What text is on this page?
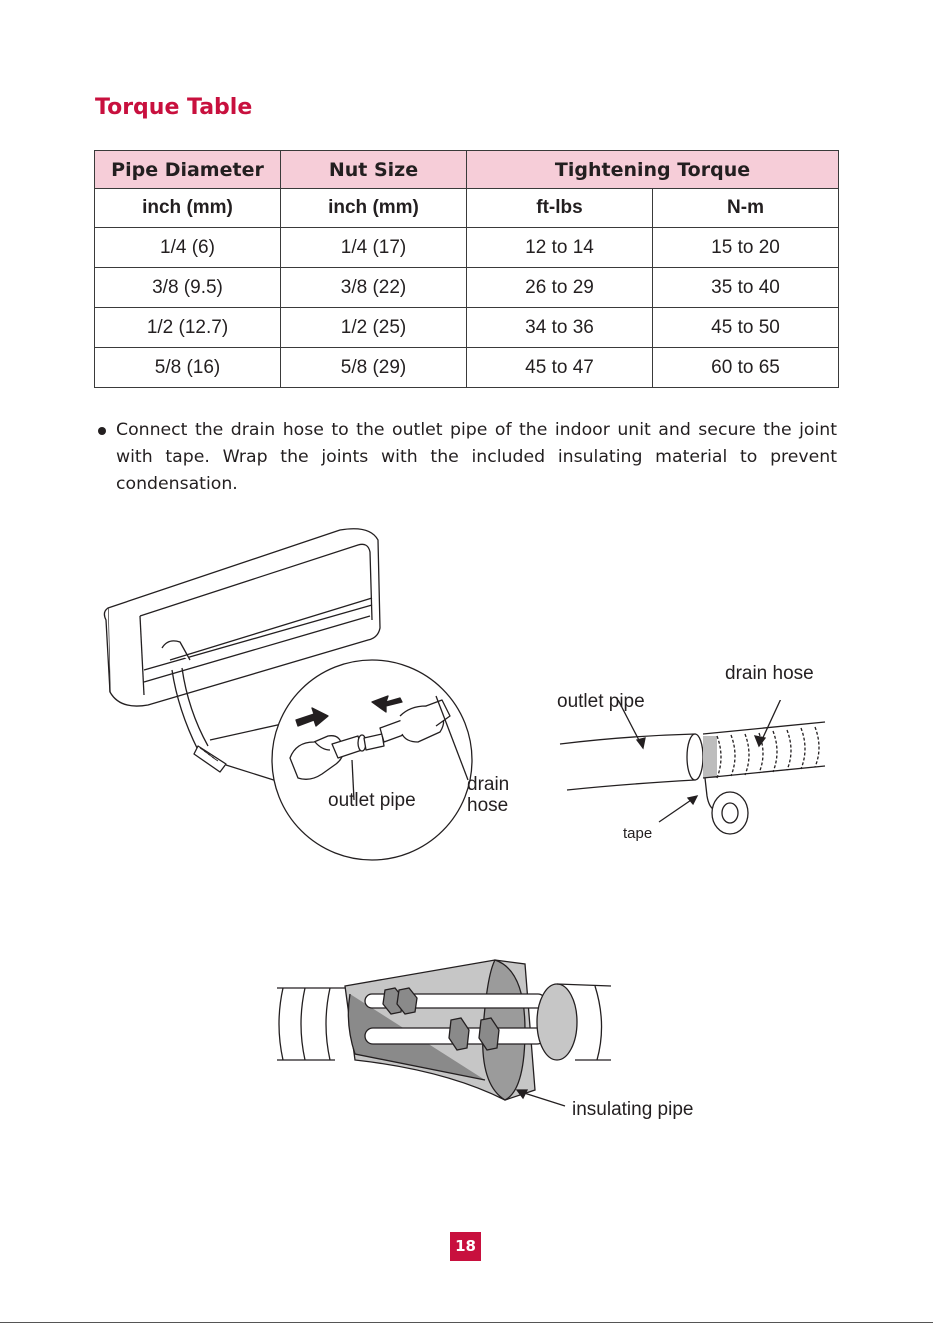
Torque Table
Pipe Diameter	Nut Size	Tightening Torque	
inch (mm)	inch (mm)	ft-lbs	N-m
1/4 (6)	1/4 (17)	12 to 14	15 to 20
3/8 (9.5)	3/8 (22)	26 to 29	35 to 40
1/2 (12.7)	1/2 (25)	34 to 36	45 to 50
5/8 (16)	5/8 (29)	45 to 47	60 to 65
Connect the drain hose to the outlet pipe of the indoor unit and secure the joint
with tape. Wrap the joints with the included insulating material to prevent
condensation.
outlet pipe
drain
hose
drain hose
outlet pipe
tape
insulating pipe
18
